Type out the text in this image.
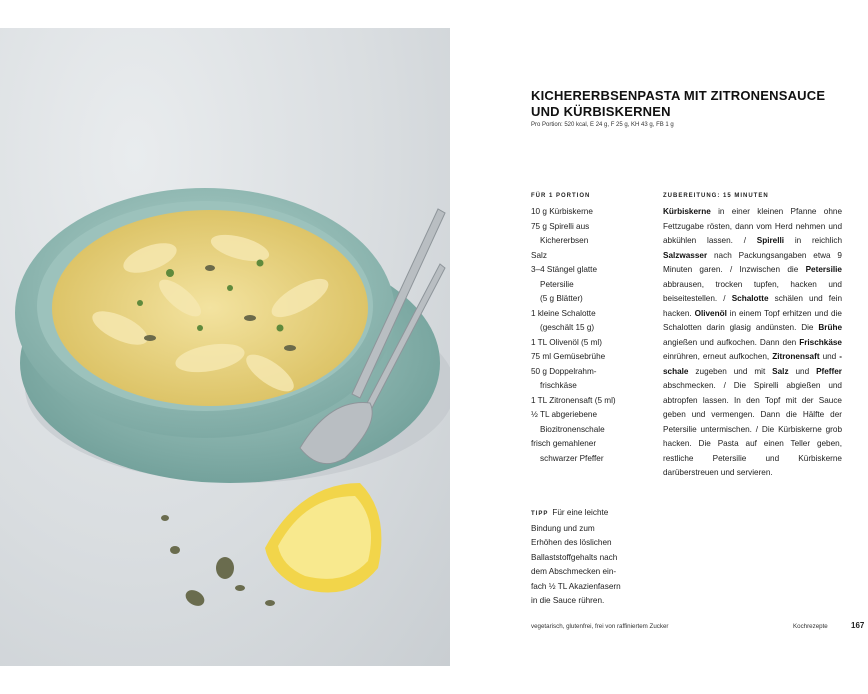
KICHERERBSENPASTA MIT ZITRONENSAUCE
UND KÜRBISKERNEN
Pro Portion: 520 kcal, E 24 g, F 25 g, KH 43 g, FB 1 g
FÜR 1 PORTION
10 g Kürbiskerne
75 g Spirelli aus
Kichererbsen
Salz
3–4 Stängel glatte
Petersilie
(5 g Blätter)
1 kleine Schalotte
(geschält 15 g)
1 TL Olivenöl (5 ml)
75 ml Gemüsebrühe
50 g Doppelrahm-
frischkäse
1 TL Zitronensaft (5 ml)
½ TL abgeriebene
Biozitronenschale
frisch gemahlener
schwarzer Pfeffer
ZUBEREITUNG: 15 MINUTEN

Kürbiskerne in einer kleinen Pfanne ohne Fettzugabe rösten, dann vom Herd nehmen und abkühlen lassen. / Spirelli in reichlich Salzwasser nach Packungsangaben etwa 9 Minuten garen. / Inzwischen die Petersilie abbrausen, trocken tupfen, hacken und beiseitestellen. / Schalotte schälen und fein hacken. Olivenöl in einem Topf erhitzen und die Schalotten darin glasig andünsten. Die Brühe angießen und aufkochen. Dann den Frischkäse einrühren, erneut aufkochen, Zitronensaft und -schale zugeben und mit Salz und Pfeffer abschmecken. / Die Spirelli abgießen und abtropfen lassen. In den Topf mit der Sauce geben und vermengen. Dann die Hälfte der Petersilie untermischen. / Die Kürbiskerne grob hacken. Die Pasta auf einen Teller geben, restliche Petersilie und Kürbiskerne darüberstreuen und servieren.

TIPP Für eine leichte
Bindung und zum
Erhöhen des löslichen
Ballaststoffgehalts nach
dem Abschmecken ein-
fach ½ TL Akazienfasern
in die Sauce rühren.
vegetarisch, glutenfrei, frei von raffiniertem Zucker	Kochrezepte	167
